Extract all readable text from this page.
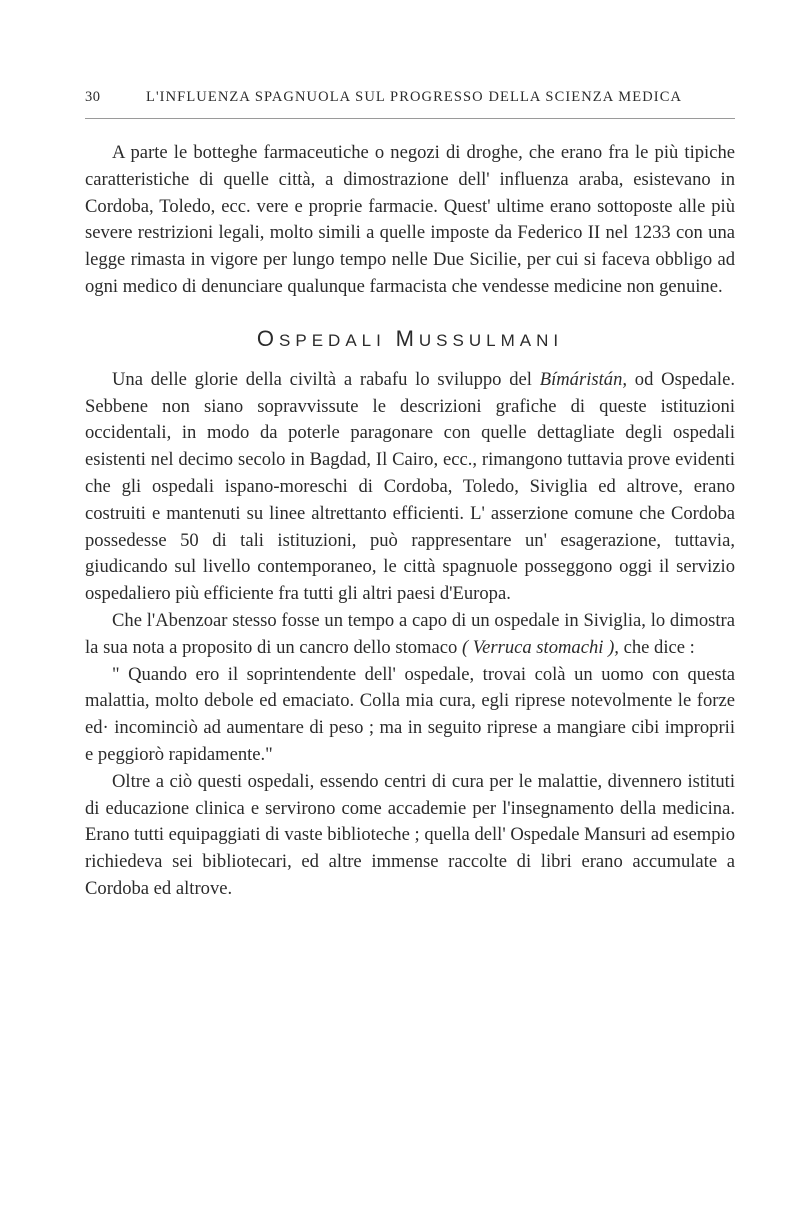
30	L'INFLUENZA SPAGNUOLA SUL PROGRESSO DELLA SCIENZA MEDICA

A parte le botteghe farmaceutiche o negozi di droghe, che erano fra le più tipiche caratteristiche di quelle città, a dimostrazione dell' influenza araba, esistevano in Cordoba, Toledo, ecc. vere e proprie farmacie. Quest' ultime erano sottoposte alle più severe restrizioni legali, molto simili a quelle imposte da Federico II nel 1233 con una legge rimasta in vigore per lungo tempo nelle Due Sicilie, per cui si faceva obbligo ad ogni medico di denunciare qualunque farmacista che vendesse medicine non genuine.

OSPEDALI MUSSULMANI

Una delle glorie della civiltà a rabafu lo sviluppo del Bímáristán, od Ospedale. Sebbene non siano sopravvissute le descrizioni grafiche di queste istituzioni occidentali, in modo da poterle paragonare con quelle dettagliate degli ospedali esistenti nel decimo secolo in Bagdad, Il Cairo, ecc., rimangono tuttavia prove evidenti che gli ospedali ispano-moreschi di Cordoba, Toledo, Siviglia ed altrove, erano costruiti e mantenuti su linee altrettanto efficienti. L' asserzione comune che Cordoba possedesse 50 di tali istituzioni, può rappresentare un' esagerazione, tuttavia, giudicando sul livello contemporaneo, le città spagnuole posseggono oggi il servizio ospedaliero più efficiente fra tutti gli altri paesi d'Europa.

Che l'Abenzoar stesso fosse un tempo a capo di un ospedale in Siviglia, lo dimostra la sua nota a proposito di un cancro dello stomaco ( Verruca stomachi ), che dice :

" Quando ero il soprintendente dell' ospedale, trovai colà un uomo con questa malattia, molto debole ed emaciato. Colla mia cura, egli riprese notevolmente le forze ed· incominciò ad aumentare di peso ; ma in seguito riprese a mangiare cibi improprii e peggiorò rapidamente."

Oltre a ciò questi ospedali, essendo centri di cura per le malattie, divennero istituti di educazione clinica e servirono come accademie per l'insegnamento della medicina. Erano tutti equipaggiati di vaste biblioteche ; quella dell' Ospedale Mansuri ad esempio richiedeva sei bibliotecari, ed altre immense raccolte di libri erano accumulate a Cordoba ed altrove.
